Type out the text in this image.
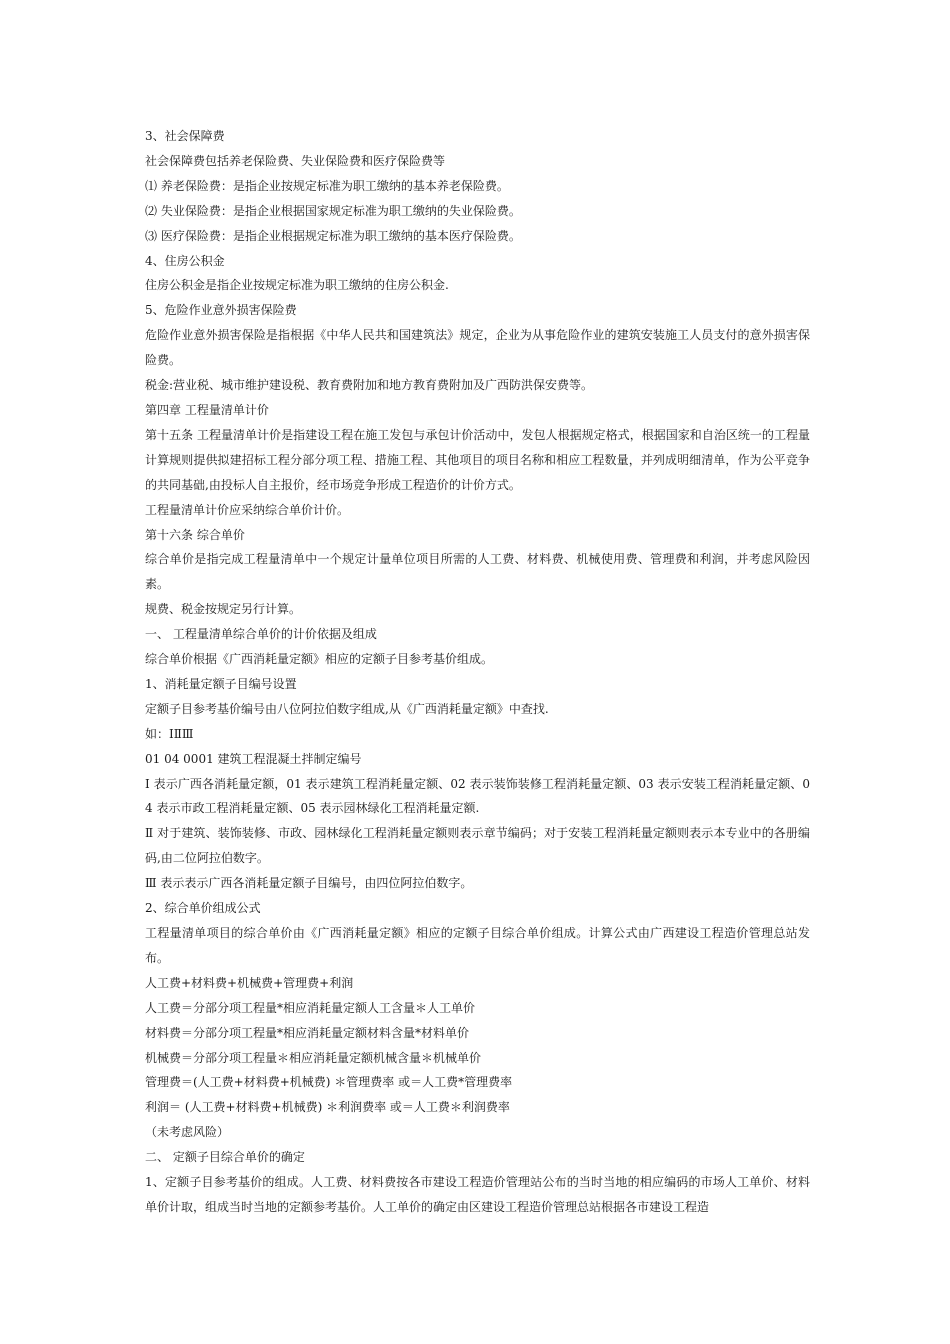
3、社会保障费

社会保障费包括养老保险费、失业保险费和医疗保险费等

⑴ 养老保险费：是指企业按规定标准为职工缴纳的基本养老保险费。

⑵ 失业保险费：是指企业根据国家规定标准为职工缴纳的失业保险费。

⑶ 医疗保险费：是指企业根据规定标准为职工缴纳的基本医疗保险费。

4、住房公积金

住房公积金是指企业按规定标准为职工缴纳的住房公积金.

5、危险作业意外损害保险费

危险作业意外损害保险是指根据《中华人民共和国建筑法》规定，企业为从事危险作业的建筑安装施工人员支付的意外损害保险费。

税金:营业税、城市维护建设税、教育费附加和地方教育费附加及广西防洪保安费等。

第四章 工程量清单计价

第十五条 工程量清单计价是指建设工程在施工发包与承包计价活动中，发包人根据规定格式，根据国家和自治区统一的工程量计算规则提供拟建招标工程分部分项工程、措施工程、其他项目的项目名称和相应工程数量，并列成明细清单，作为公平竞争的共同基础,由投标人自主报价，经市场竞争形成工程造价的计价方式。

工程量清单计价应采纳综合单价计价。

第十六条 综合单价

综合单价是指完成工程量清单中一个规定计量单位项目所需的人工费、材料费、机械使用费、管理费和利润，并考虑风险因素。

规费、税金按规定另行计算。

一、 工程量清单综合单价的计价依据及组成

综合单价根据《广西消耗量定额》相应的定额子目参考基价组成。

1、消耗量定额子目编号设置

定额子目参考基价编号由八位阿拉伯数字组成,从《广西消耗量定额》中查找.

如：ⅠⅡⅢ

01 04 0001 建筑工程混凝土拌制定编号

Ⅰ 表示广西各消耗量定额，01 表示建筑工程消耗量定额、02 表示装饰装修工程消耗量定额、03 表示安装工程消耗量定额、04 表示市政工程消耗量定额、05 表示园林绿化工程消耗量定额.

Ⅱ 对于建筑、装饰装修、市政、园林绿化工程消耗量定额则表示章节编码；对于安装工程消耗量定额则表示本专业中的各册编码,由二位阿拉伯数字。

Ⅲ 表示表示广西各消耗量定额子目编号，由四位阿拉伯数字。

2、综合单价组成公式

工程量清单项目的综合单价由《广西消耗量定额》相应的定额子目综合单价组成。计算公式由广西建设工程造价管理总站发布。

人工费+材料费+机械费+管理费+利润

人工费＝分部分项工程量*相应消耗量定额人工含量＊人工单价

材料费＝分部分项工程量*相应消耗量定额材料含量*材料单价

机械费＝分部分项工程量＊相应消耗量定额机械含量＊机械单价

管理费＝(人工费+材料费+机械费) ＊管理费率 或＝人工费*管理费率

利润＝ (人工费+材料费+机械费) ＊利润费率 或＝人工费＊利润费率

（未考虑风险）

二、 定额子目综合单价的确定

1、定额子目参考基价的组成。人工费、材料费按各市建设工程造价管理站公布的当时当地的相应编码的市场人工单价、材料单价计取，组成当时当地的定额参考基价。人工单价的确定由区建设工程造价管理总站根据各市建设工程造
